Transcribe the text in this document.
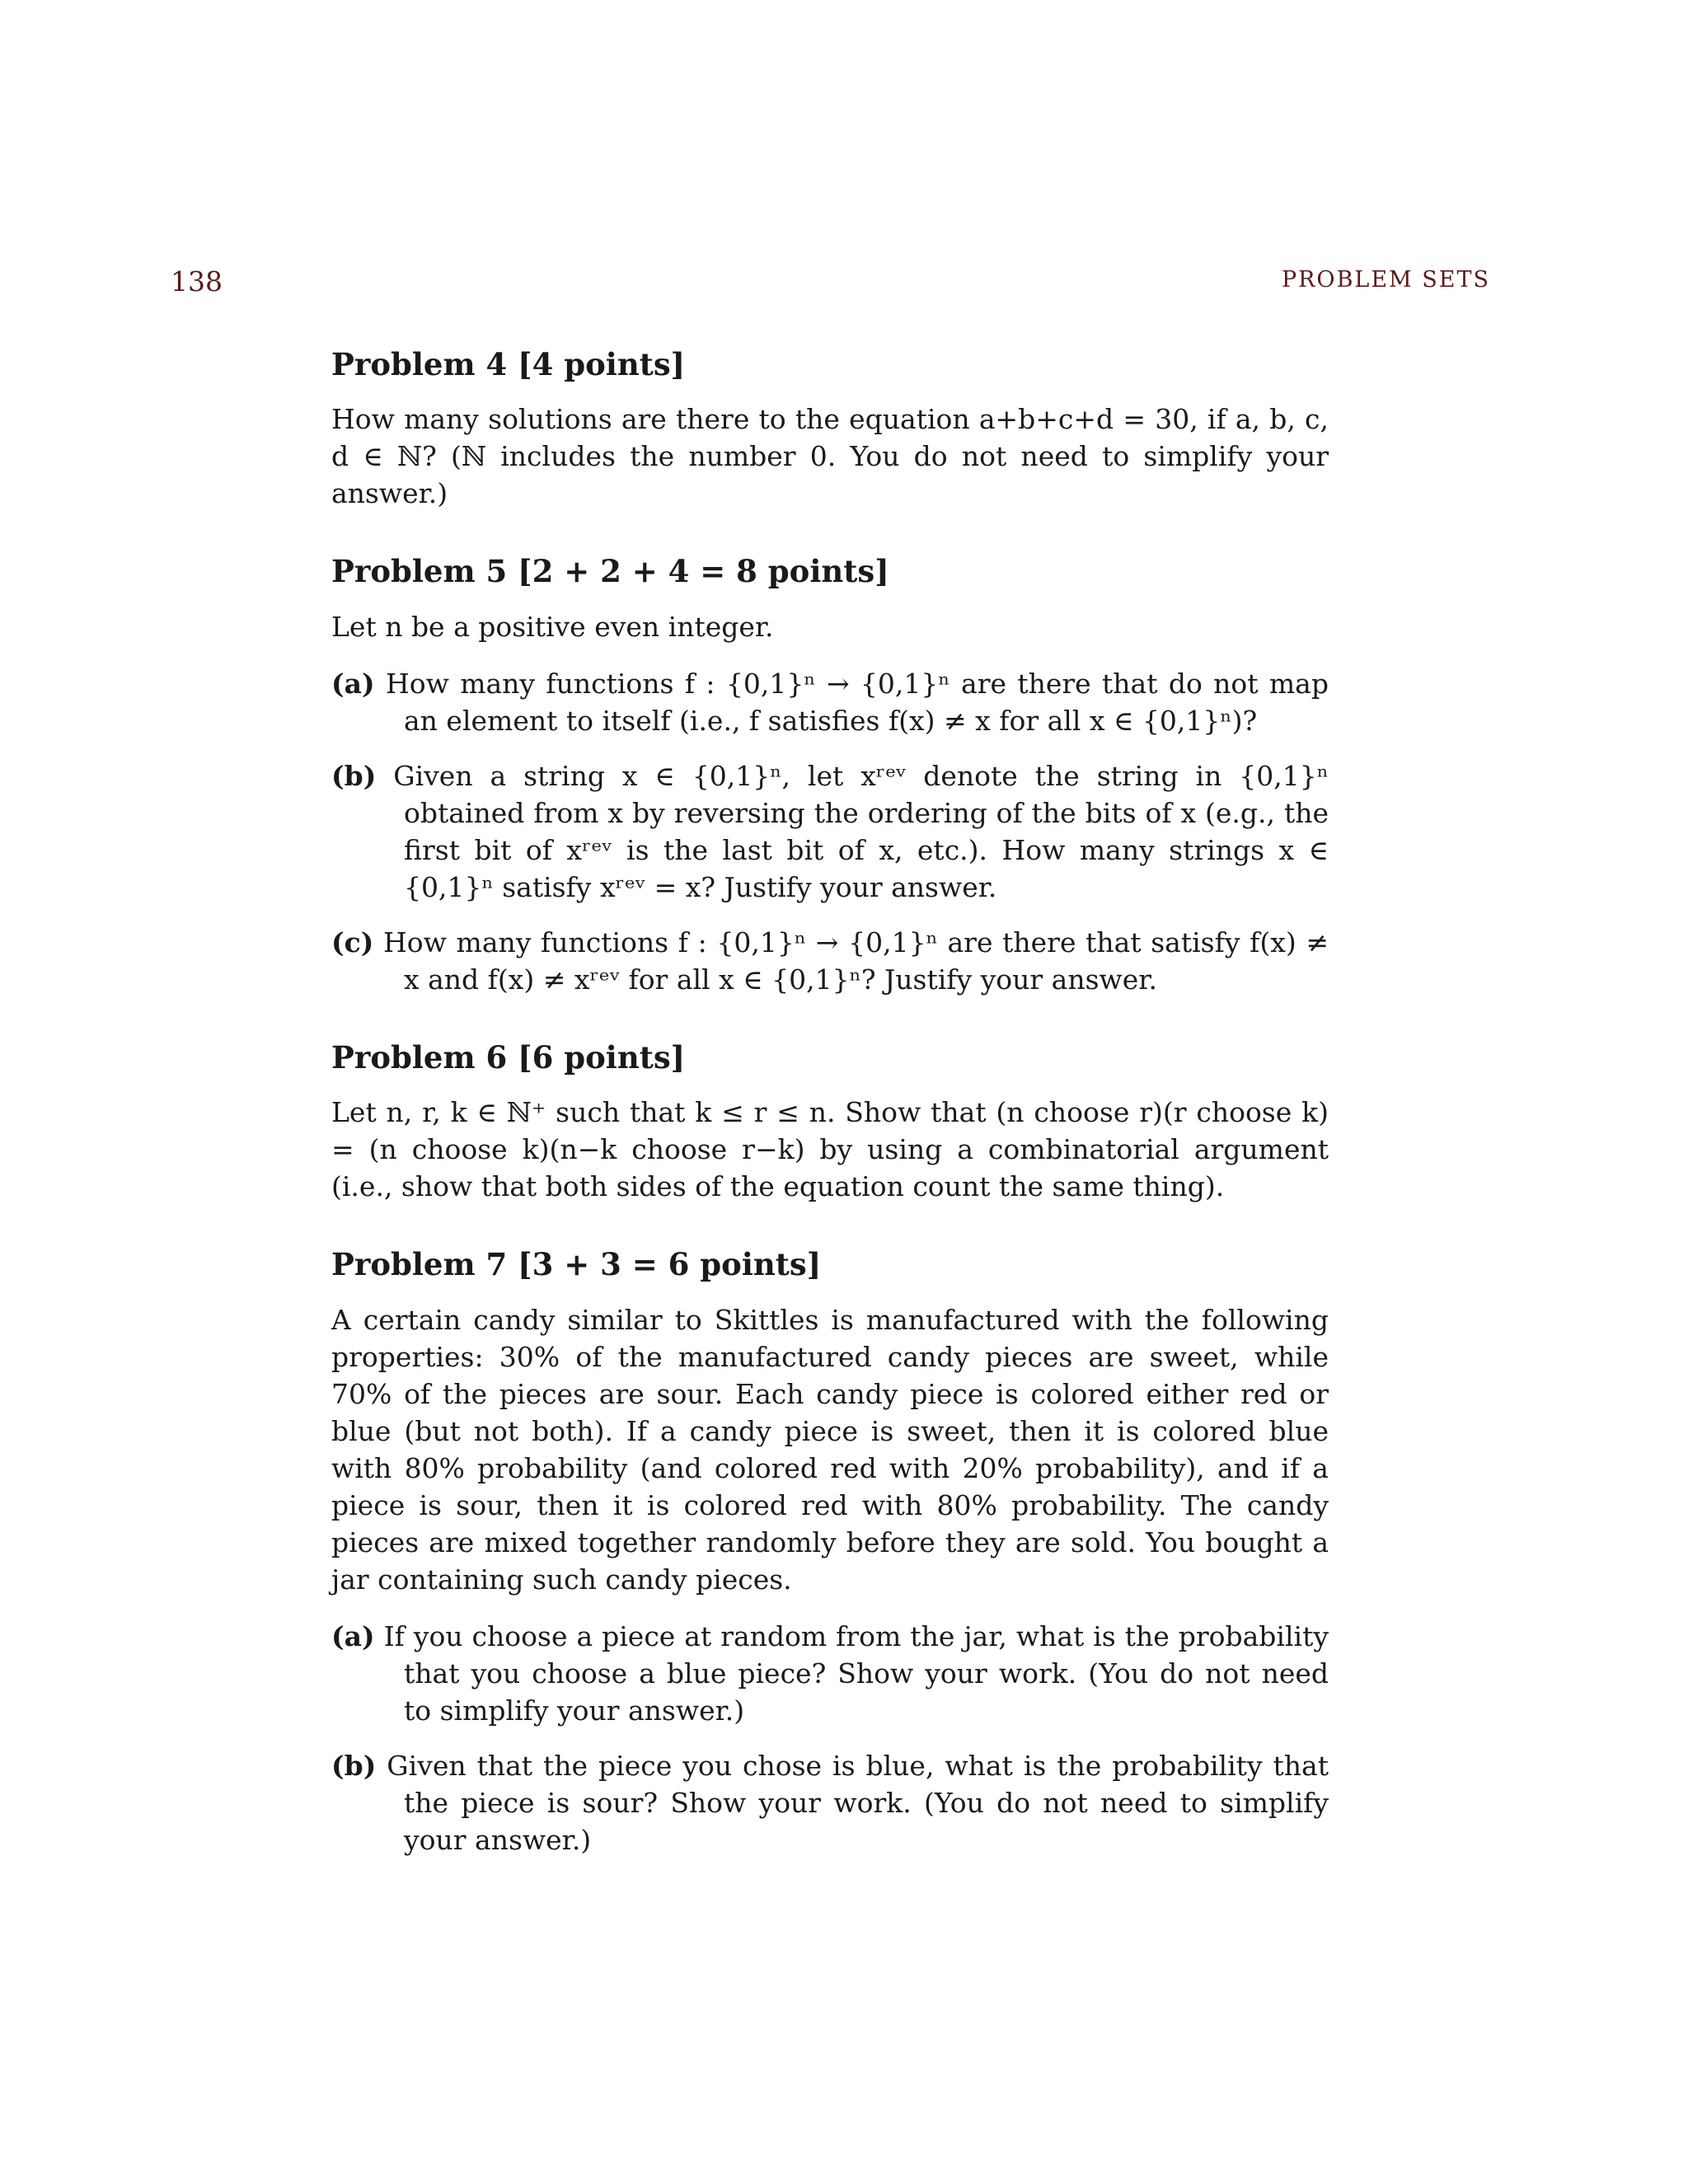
138	PROBLEM SETS
Problem 4 [4 points]

How many solutions are there to the equation a+b+c+d = 30, if a, b, c, d ∈ ℕ? (ℕ includes the number 0. You do not need to simplify your answer.)

Problem 5 [2 + 2 + 4 = 8 points]

Let n be a positive even integer.

(a) How many functions f : {0,1}ⁿ → {0,1}ⁿ are there that do not map an element to itself (i.e., f satisfies f(x) ≠ x for all x ∈ {0,1}ⁿ)?
(b) Given a string x ∈ {0,1}ⁿ, let xʳᵉᵛ denote the string in {0,1}ⁿ obtained from x by reversing the ordering of the bits of x (e.g., the first bit of xʳᵉᵛ is the last bit of x, etc.). How many strings x ∈ {0,1}ⁿ satisfy xʳᵉᵛ = x? Justify your answer.
(c) How many functions f : {0,1}ⁿ → {0,1}ⁿ are there that satisfy f(x) ≠ x and f(x) ≠ xʳᵉᵛ for all x ∈ {0,1}ⁿ? Justify your answer.
Problem 6 [6 points]

Let n, r, k ∈ ℕ⁺ such that k ≤ r ≤ n. Show that (n choose r)(r choose k) = (n choose k)(n−k choose r−k) by using a combinatorial argument (i.e., show that both sides of the equation count the same thing).

Problem 7 [3 + 3 = 6 points]

A certain candy similar to Skittles is manufactured with the following properties: 30% of the manufactured candy pieces are sweet, while 70% of the pieces are sour. Each candy piece is colored either red or blue (but not both). If a candy piece is sweet, then it is colored blue with 80% probability (and colored red with 20% probability), and if a piece is sour, then it is colored red with 80% probability. The candy pieces are mixed together randomly before they are sold. You bought a jar containing such candy pieces.

(a) If you choose a piece at random from the jar, what is the probability that you choose a blue piece? Show your work. (You do not need to simplify your answer.)
(b) Given that the piece you chose is blue, what is the probability that the piece is sour? Show your work. (You do not need to simplify your answer.)
